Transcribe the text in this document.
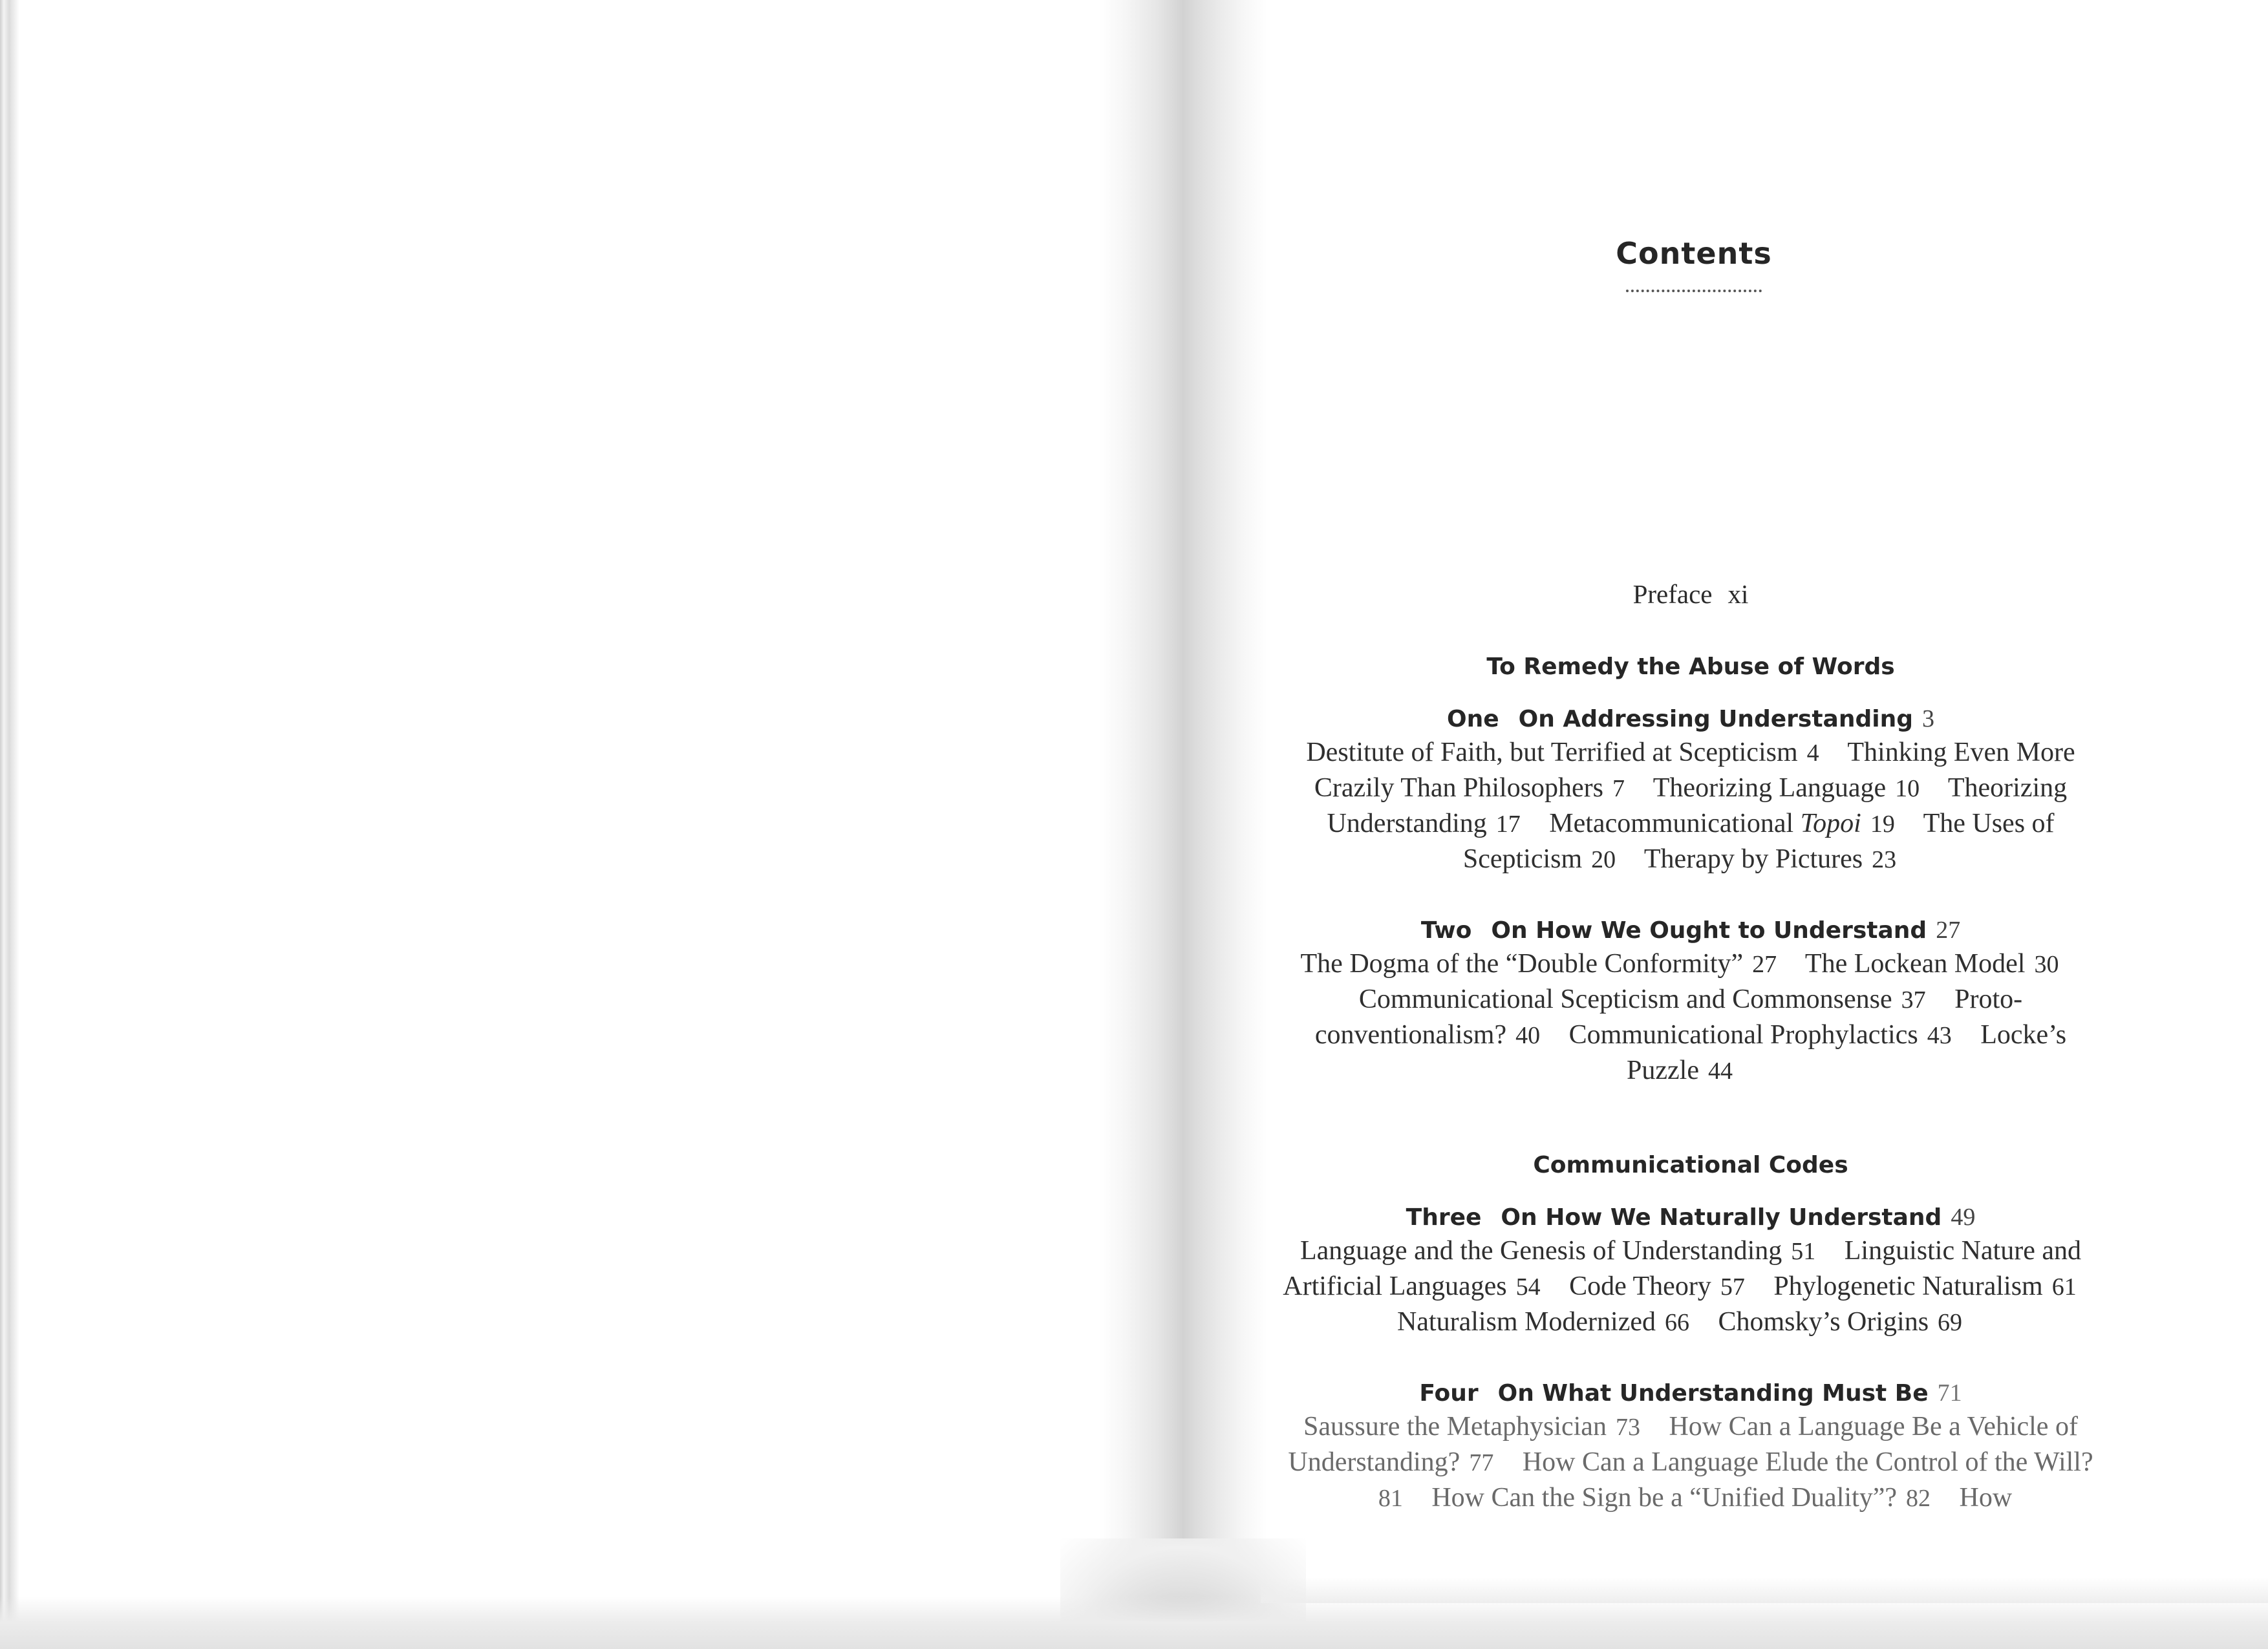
Contents
Preface xi
To Remedy the Abuse of Words
One On Addressing Understanding 3
Destitute of Faith, but Terrified at Scepticism 4 Thinking Even More Crazily Than Philosophers 7 Theorizing Language 10 Theorizing Understanding 17 Metacommunicational Topoi 19 The Uses of Scepticism 20 Therapy by Pictures 23
Two On How We Ought to Understand 27
The Dogma of the “Double Conformity” 27 The Lockean Model 30 Communicational Scepticism and Commonsense 37 Proto-conventionalism? 40 Communicational Prophylactics 43 Locke’s Puzzle 44
Communicational Codes
Three On How We Naturally Understand 49
Language and the Genesis of Understanding 51 Linguistic Nature and Artificial Languages 54 Code Theory 57 Phylogenetic Naturalism 61 Naturalism Modernized 66 Chomsky’s Origins 69
Four On What Understanding Must Be 71
Saussure the Metaphysician 73 How Can a Language Be a Vehicle of Understanding? 77 How Can a Language Elude the Control of the Will?81 How Can the Sign be a “Unified Duality”? 82 How
